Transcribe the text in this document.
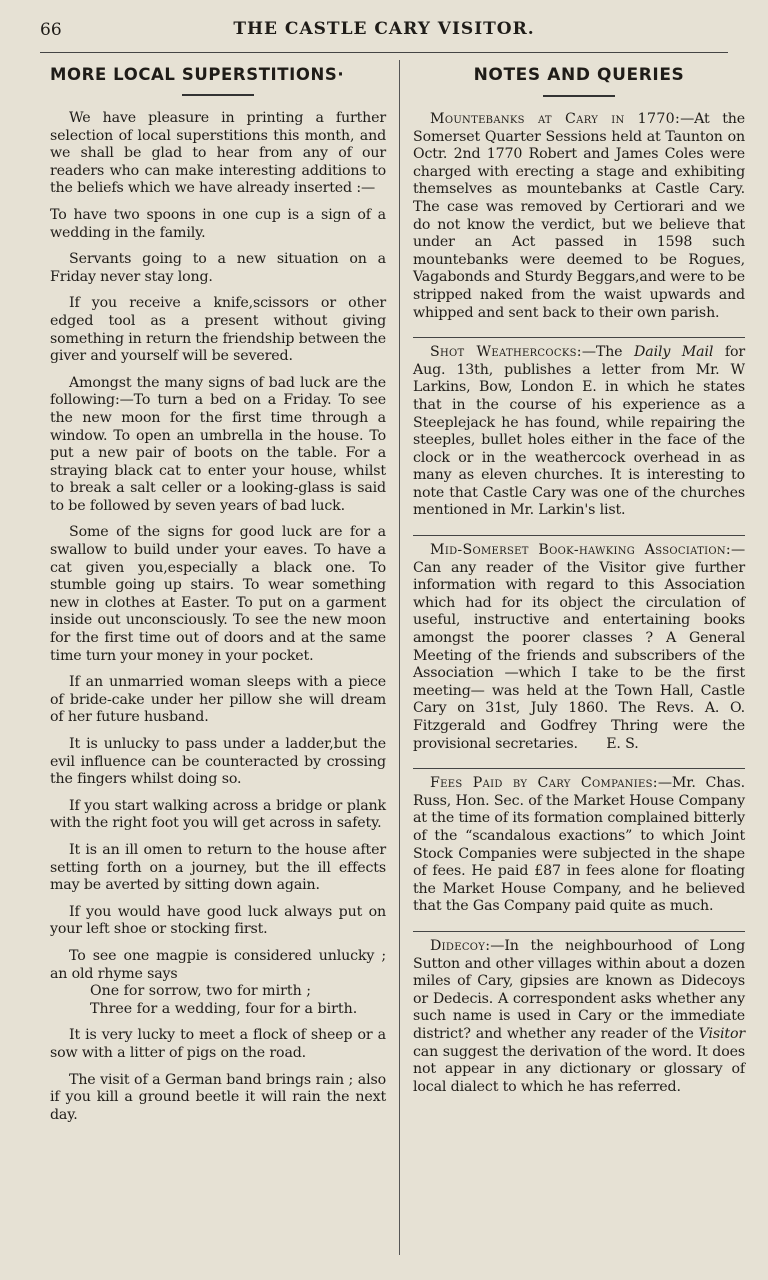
66	THE CASTLE CARY VISITOR.
MORE LOCAL SUPERSTITIONS·

We have pleasure in printing a further selection of local superstitions this month, and we shall be glad to hear from any of our readers who can make interesting additions to the beliefs which we have already inserted :—

To have two spoons in one cup is a sign of a wedding in the family.

Servants going to a new situation on a Friday never stay long.

If you receive a knife,scissors or other edged tool as a present without giving something in return the friendship between the giver and yourself will be severed.

Amongst the many signs of bad luck are the following:—To turn a bed on a Friday. To see the new moon for the first time through a window. To open an umbrella in the house. To put a new pair of boots on the table. For a straying black cat to enter your house, whilst to break a salt celler or a looking-glass is said to be followed by seven years of bad luck.

Some of the signs for good luck are for a swallow to build under your eaves. To have a cat given you,especially a black one. To stumble going up stairs. To wear something new in clothes at Easter. To put on a garment inside out unconsciously. To see the new moon for the first time out of doors and at the same time turn your money in your pocket.

If an unmarried woman sleeps with a piece of bride-cake under her pillow she will dream of her future husband.

It is unlucky to pass under a ladder,but the evil influence can be counteracted by crossing the fingers whilst doing so.

If you start walking across a bridge or plank with the right foot you will get across in safety.

It is an ill omen to return to the house after setting forth on a journey, but the ill effects may be averted by sitting down again.

If you would have good luck always put on your left shoe or stocking first.

To see one magpie is considered unlucky ; an old rhyme says

One for sorrow, two for mirth ;
Three for a wedding, four for a birth.

It is very lucky to meet a flock of sheep or a sow with a litter of pigs on the road.

The visit of a German band brings rain ; also if you kill a ground beetle it will rain the next day.

NOTES AND QUERIES

Mountebanks at Cary in 1770:—At the Somerset Quarter Sessions held at Taunton on Octr. 2nd 1770 Robert and James Coles were charged with erecting a stage and exhibiting themselves as mountebanks at Castle Cary. The case was removed by Certiorari and we do not know the verdict, but we believe that under an Act passed in 1598 such mountebanks were deemed to be Rogues, Vagabonds and Sturdy Beggars,and were to be stripped naked from the waist upwards and whipped and sent back to their own parish.

Shot Weathercocks:—The Daily Mail for Aug. 13th, publishes a letter from Mr. W Larkins, Bow, London E. in which he states that in the course of his experience as a Steeplejack he has found, while repairing the steeples, bullet holes either in the face of the clock or in the weathercock overhead in as many as eleven churches. It is interesting to note that Castle Cary was one of the churches mentioned in Mr. Larkin's list.

Mid-Somerset Book-hawking Association:—Can any reader of the Visitor give further information with regard to this Association which had for its object the circulation of useful, instructive and entertaining books amongst the poorer classes ? A General Meeting of the friends and subscribers of the Association —which I take to be the first meeting— was held at the Town Hall, Castle Cary on 31st, July 1860. The Revs. A. O. Fitzgerald and Godfrey Thring were the provisional secretaries. E. S.

Fees Paid by Cary Companies:—Mr. Chas. Russ, Hon. Sec. of the Market House Company at the time of its formation complained bitterly of the “scandalous exactions” to which Joint Stock Companies were subjected in the shape of fees. He paid £87 in fees alone for floating the Market House Company, and he believed that the Gas Company paid quite as much.

Didecoy:—In the neighbourhood of Long Sutton and other villages within about a dozen miles of Cary, gipsies are known as Didecoys or Dedecis. A correspondent asks whether any such name is used in Cary or the immediate district? and whether any reader of the Visitor can suggest the derivation of the word. It does not appear in any dictionary or glossary of local dialect to which he has referred.
